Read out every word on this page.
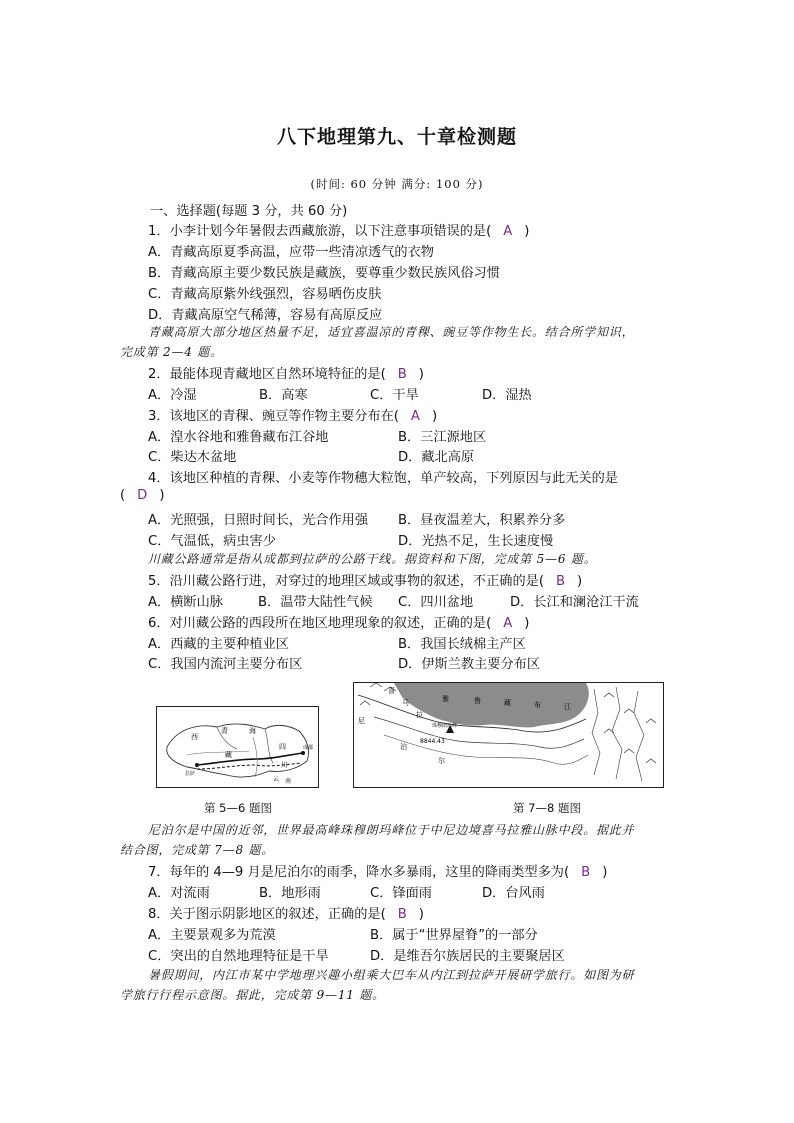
八下地理第九、十章检测题
(时间: 60 分钟 满分: 100 分)
一、选择题(每题 3 分，共 60 分)
1．小李计划今年暑假去西藏旅游，以下注意事项错误的是( A )
A．青藏高原夏季高温，应带一些清凉透气的衣物
B．青藏高原主要少数民族是藏族，要尊重少数民族风俗习惯
C．青藏高原紫外线强烈，容易晒伤皮肤
D．青藏高原空气稀薄，容易有高原反应
青藏高原大部分地区热量不足，适宜喜温凉的青稞、豌豆等作物生长。结合所学知识，
完成第 2—4 题。
2．最能体现青藏地区自然环境特征的是( B )
A．冷湿	B．高寒	C．干旱	D．湿热
3．该地区的青稞、豌豆等作物主要分布在( A )
A．湟水谷地和雅鲁藏布江谷地	B．三江源地区
C．柴达木盆地	D．藏北高原
4．该地区种植的青稞、小麦等作物穗大粒饱，单产较高，下列原因与此无关的是
( D )
A．光照强，日照时间长，光合作用强 B．昼夜温差大，积累养分多
C．气温低，病虫害少	D．光热不足，生长速度慢
川藏公路通常是指从成都到拉萨的公路干线。据资料和下图，完成第 5—6 题。
5．沿川藏公路行进，对穿过的地理区域或事物的叙述，不正确的是( B )
A．横断山脉	B．温带大陆性气候 C．四川盆地	D．长江和澜沧江干流
6．对川藏公路的西段所在地区地理现象的叙述，正确的是( A )
A．西藏的主要种植业区	B．我国长绒棉主产区
C．我国内流河主要分布区	D．伊斯兰教主要分布区
西
青	海
藏
四
川
成都
拉萨
云 南
喜
马
拉
雅	鲁	藏	布	江
尼
泊
尔
珠穆朗玛峰
8844.43
第 5—6 题图	第 7—8 题图
尼泊尔是中国的近邻，世界最高峰珠穆朗玛峰位于中尼边境喜马拉雅山脉中段。据此并
结合图，完成第 7—8 题。
7．每年的 4—9 月是尼泊尔的雨季，降水多暴雨，这里的降雨类型多为( B )
A．对流雨	B．地形雨	C．锋面雨	D．台风雨
8．关于图示阴影地区的叙述，正确的是( B )
A．主要景观多为荒漠	B．属于“世界屋脊”的一部分
C．突出的自然地理特征是干旱	D．是维吾尔族居民的主要聚居区
暑假期间，内江市某中学地理兴趣小组乘大巴车从内江到拉萨开展研学旅行。如图为研
学旅行行程示意图。据此，完成第 9—11 题。
